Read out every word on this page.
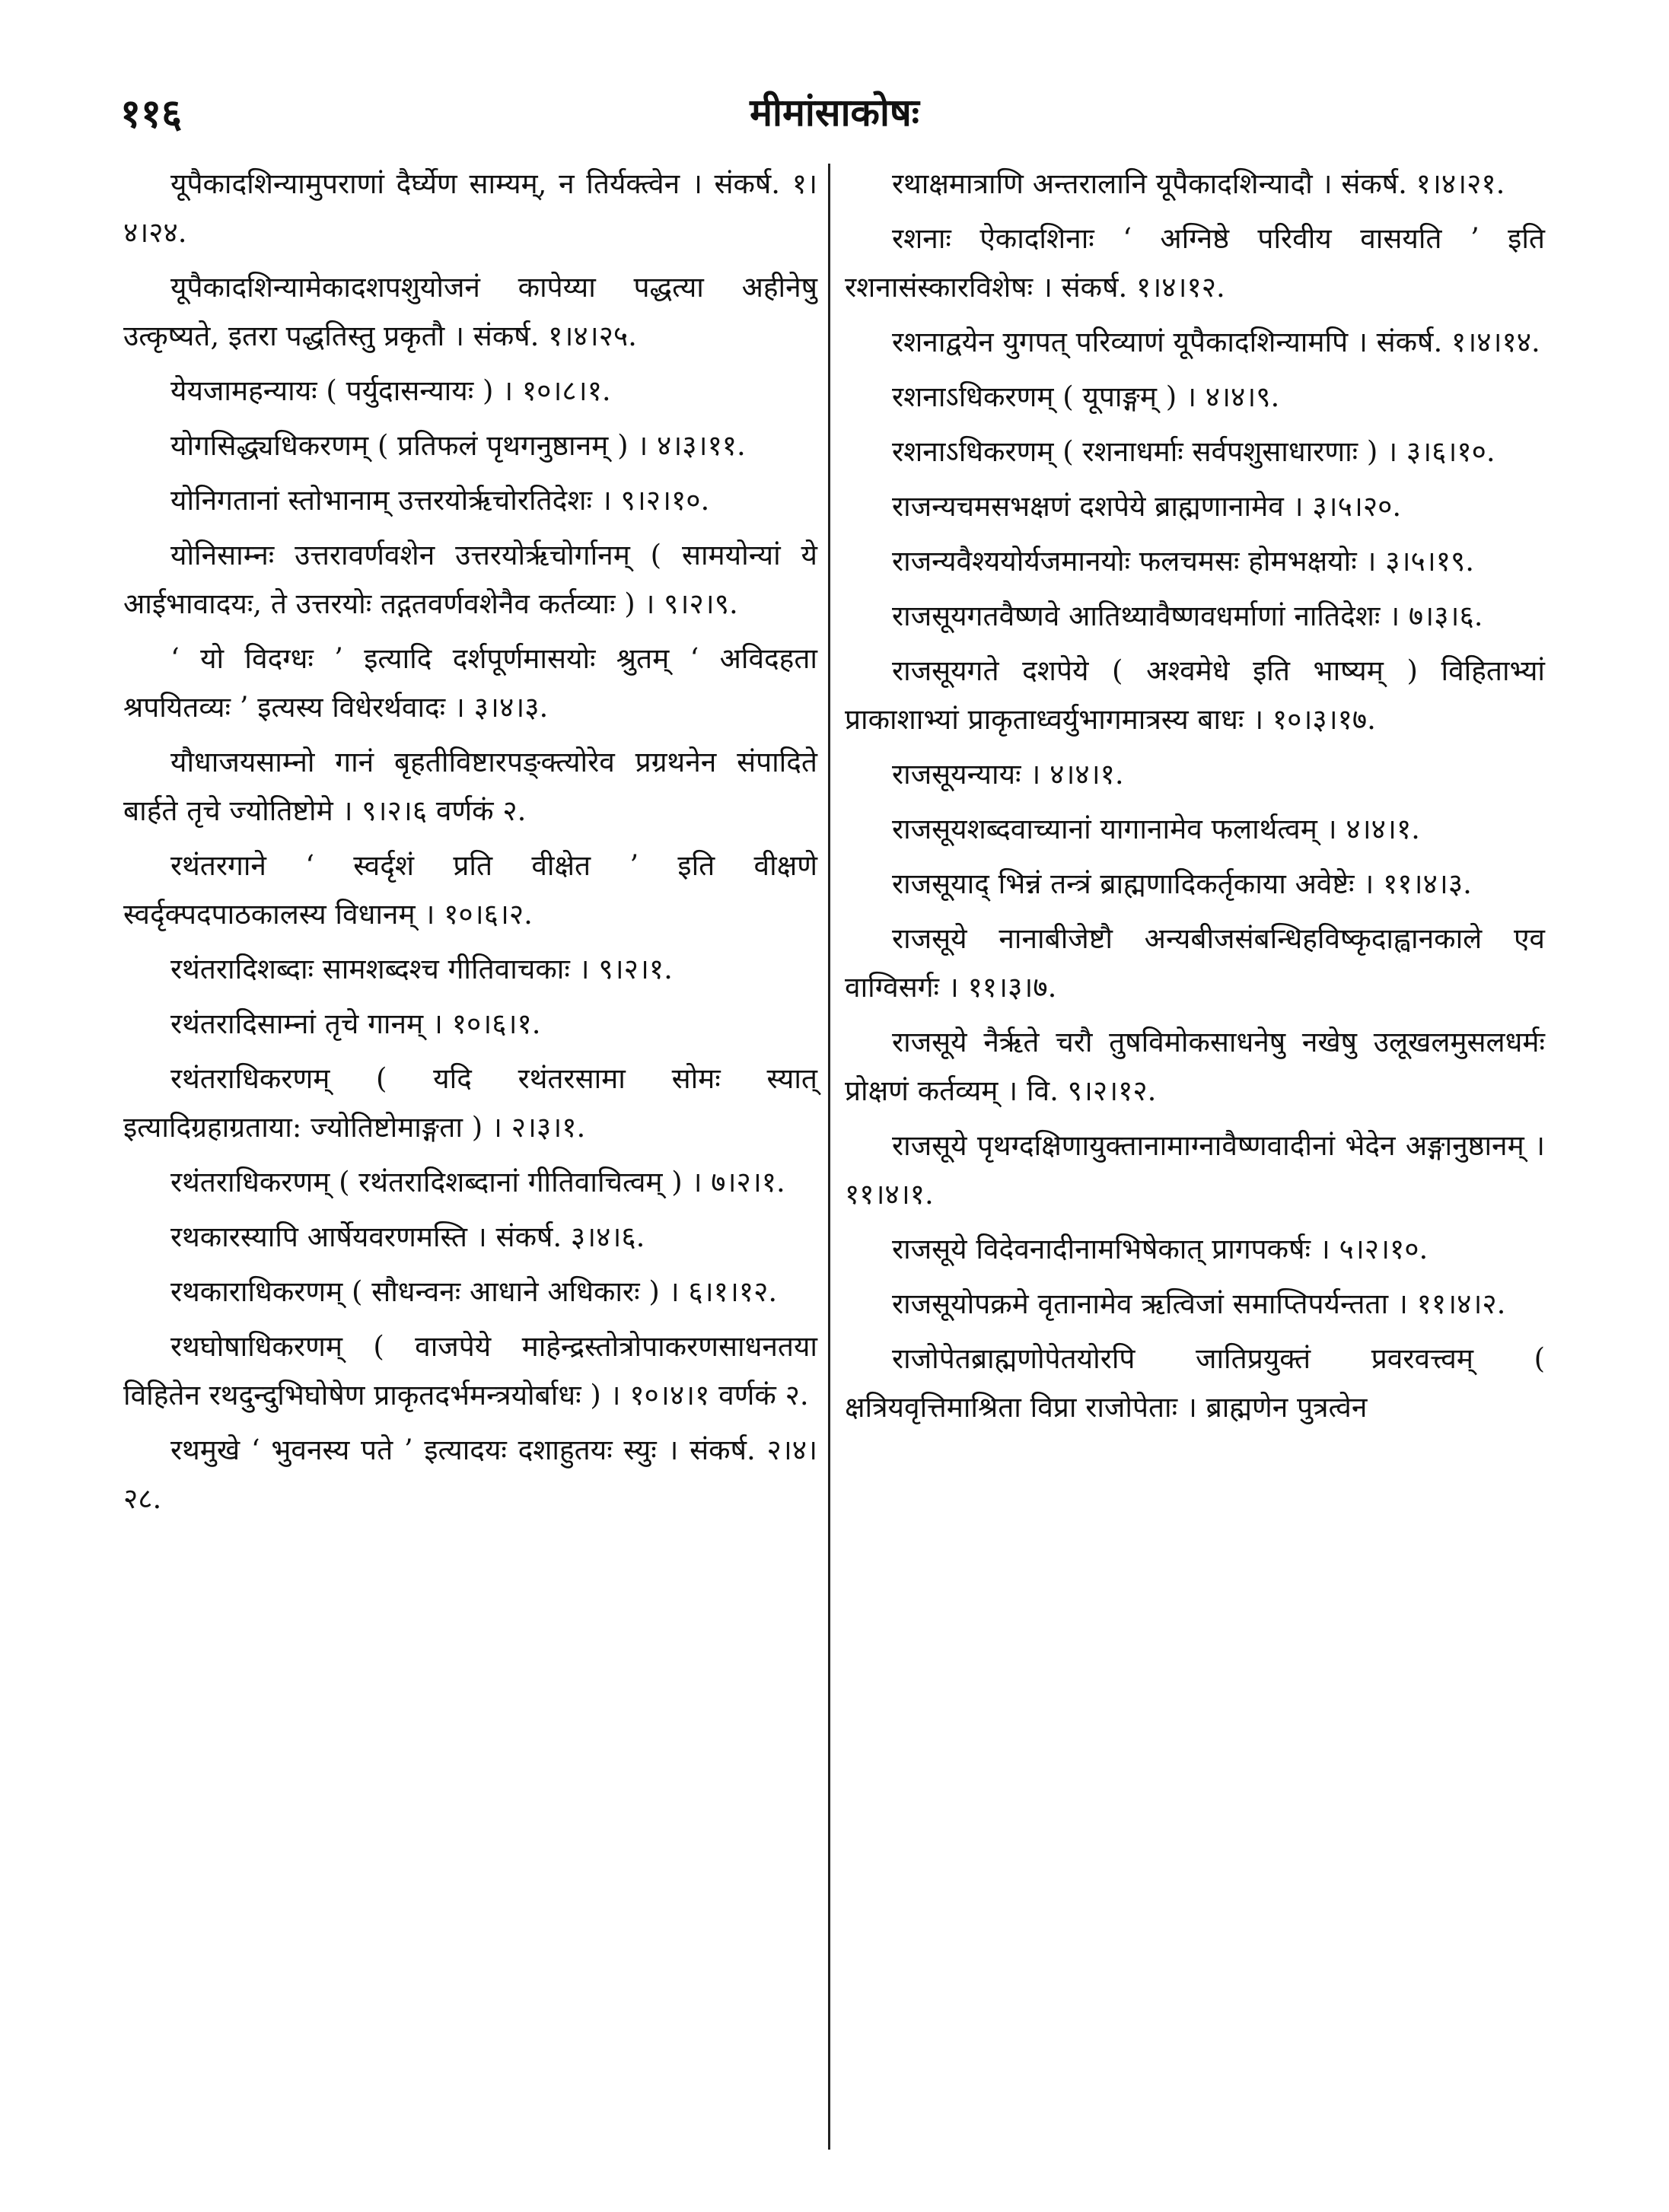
११६	मीमांसाकोषः

यूपैकादशिन्यामुपराणां दैर्घ्येण साम्यम्, न तिर्यक्त्वेन । संकर्ष. १।४।२४.

यूपैकादशिन्यामेकादशपशुयोजनं कापेय्या पद्धत्या अहीनेषु उत्कृष्यते, इतरा पद्धतिस्तु प्रकृतौ । संकर्ष. १।४।२५.

येयजामहन्यायः ( पर्युदासन्यायः ) । १०।८।१.

योगसिद्ध्यधिकरणम् ( प्रतिफलं पृथगनुष्ठानम् ) । ४।३।११.

योनिगतानां स्तोभानाम् उत्तरयोर्ऋचोरतिदेशः । ९।२।१०.

योनिसाम्नः उत्तरावर्णवशेन उत्तरयोर्ऋचोर्गानम् ( सामयोन्यां ये आईभावादयः, ते उत्तरयोः तद्गतवर्णवशेनैव कर्तव्याः ) । ९।२।९.

‘ यो विदग्धः ’ इत्यादि दर्शपूर्णमासयोः श्रुतम् ‘ अविदहता श्रपयितव्यः ’ इत्यस्य विधेरर्थवादः । ३।४।३.

यौधाजयसाम्नो गानं बृहतीविष्टारपङ्क्त्योरेव प्रग्रथनेन संपादिते बार्हते तृचे ज्योतिष्टोमे । ९।२।६ वर्णकं २.

रथंतरगाने ‘ स्वर्दृशं प्रति वीक्षेत ’ इति वीक्षणे स्वर्दृक्पदपाठकालस्य विधानम् । १०।६।२.

रथंतरादिशब्दाः सामशब्दश्च गीतिवाचकाः । ९।२।१.

रथंतरादिसाम्नां तृचे गानम् । १०।६।१.

रथंतराधिकरणम् ( यदि रथंतरसामा सोमः स्यात् इत्यादिग्रहाग्रताया: ज्योतिष्टोमाङ्गता ) । २।३।१.

रथंतराधिकरणम् ( रथंतरादिशब्दानां गीतिवाचित्वम् ) । ७।२।१.

रथकारस्यापि आर्षेयवरणमस्ति । संकर्ष. ३।४।६.

रथकाराधिकरणम् ( सौधन्वनः आधाने अधिकारः ) । ६।१।१२.

रथघोषाधिकरणम् ( वाजपेये माहेन्द्रस्तोत्रोपाकरणसाधनतया विहितेन रथदुन्दुभिघोषेण प्राकृतदर्भमन्त्रयोर्बाधः ) । १०।४।१ वर्णकं २.

रथमुखे ‘ भुवनस्य पते ’ इत्यादयः दशाहुतयः स्युः । संकर्ष. २।४।२८.

रथाक्षमात्राणि अन्तरालानि यूपैकादशिन्यादौ । संकर्ष. १।४।२१.

रशनाः ऐकादशिनाः ‘ अग्निष्ठे परिवीय वासयति ’ इति रशनासंस्कारविशेषः । संकर्ष. १।४।१२.

रशनाद्वयेन युगपत् परिव्याणं यूपैकादशिन्यामपि । संकर्ष. १।४।१४.

रशनाऽधिकरणम् ( यूपाङ्गम् ) । ४।४।९.

रशनाऽधिकरणम् ( रशनाधर्माः सर्वपशुसाधारणाः ) । ३।६।१०.

राजन्यचमसभक्षणं दशपेये ब्राह्मणानामेव । ३।५।२०.

राजन्यवैश्ययोर्यजमानयोः फलचमसः होमभक्षयोः । ३।५।१९.

राजसूयगतवैष्णवे आतिथ्यावैष्णवधर्माणां नातिदेशः । ७।३।६.

राजसूयगते दशपेये ( अश्वमेधे इति भाष्यम् ) विहिताभ्यां प्राकाशाभ्यां प्राकृताध्वर्युभागमात्रस्य बाधः । १०।३।१७.

राजसूयन्यायः । ४।४।१.

राजसूयशब्दवाच्यानां यागानामेव फलार्थत्वम् । ४।४।१.

राजसूयाद् भिन्नं तन्त्रं ब्राह्मणादिकर्तृकाया अवेष्टेः । ११।४।३.

राजसूये नानाबीजेष्टौ अन्यबीजसंबन्धिहविष्कृदाह्वानकाले एव वाग्विसर्गः । ११।३।७.

राजसूये नैर्ऋते चरौ तुषविमोकसाधनेषु नखेषु उलूखलमुसलधर्मः प्रोक्षणं कर्तव्यम् । वि. ९।२।१२.

राजसूये पृथग्दक्षिणायुक्तानामाग्नावैष्णवादीनां भेदेन अङ्गानुष्ठानम् । ११।४।१.

राजसूये विदेवनादीनामभिषेकात् प्रागपकर्षः । ५।२।१०.

राजसूयोपक्रमे वृतानामेव ऋत्विजां समाप्तिपर्यन्तता । ११।४।२.

राजोपेतब्राह्मणोपेतयोरपि जातिप्रयुक्तं प्रवरवत्त्वम् ( क्षत्रियवृत्तिमाश्रिता विप्रा राजोपेताः । ब्राह्मणेन पुत्रत्वेन
